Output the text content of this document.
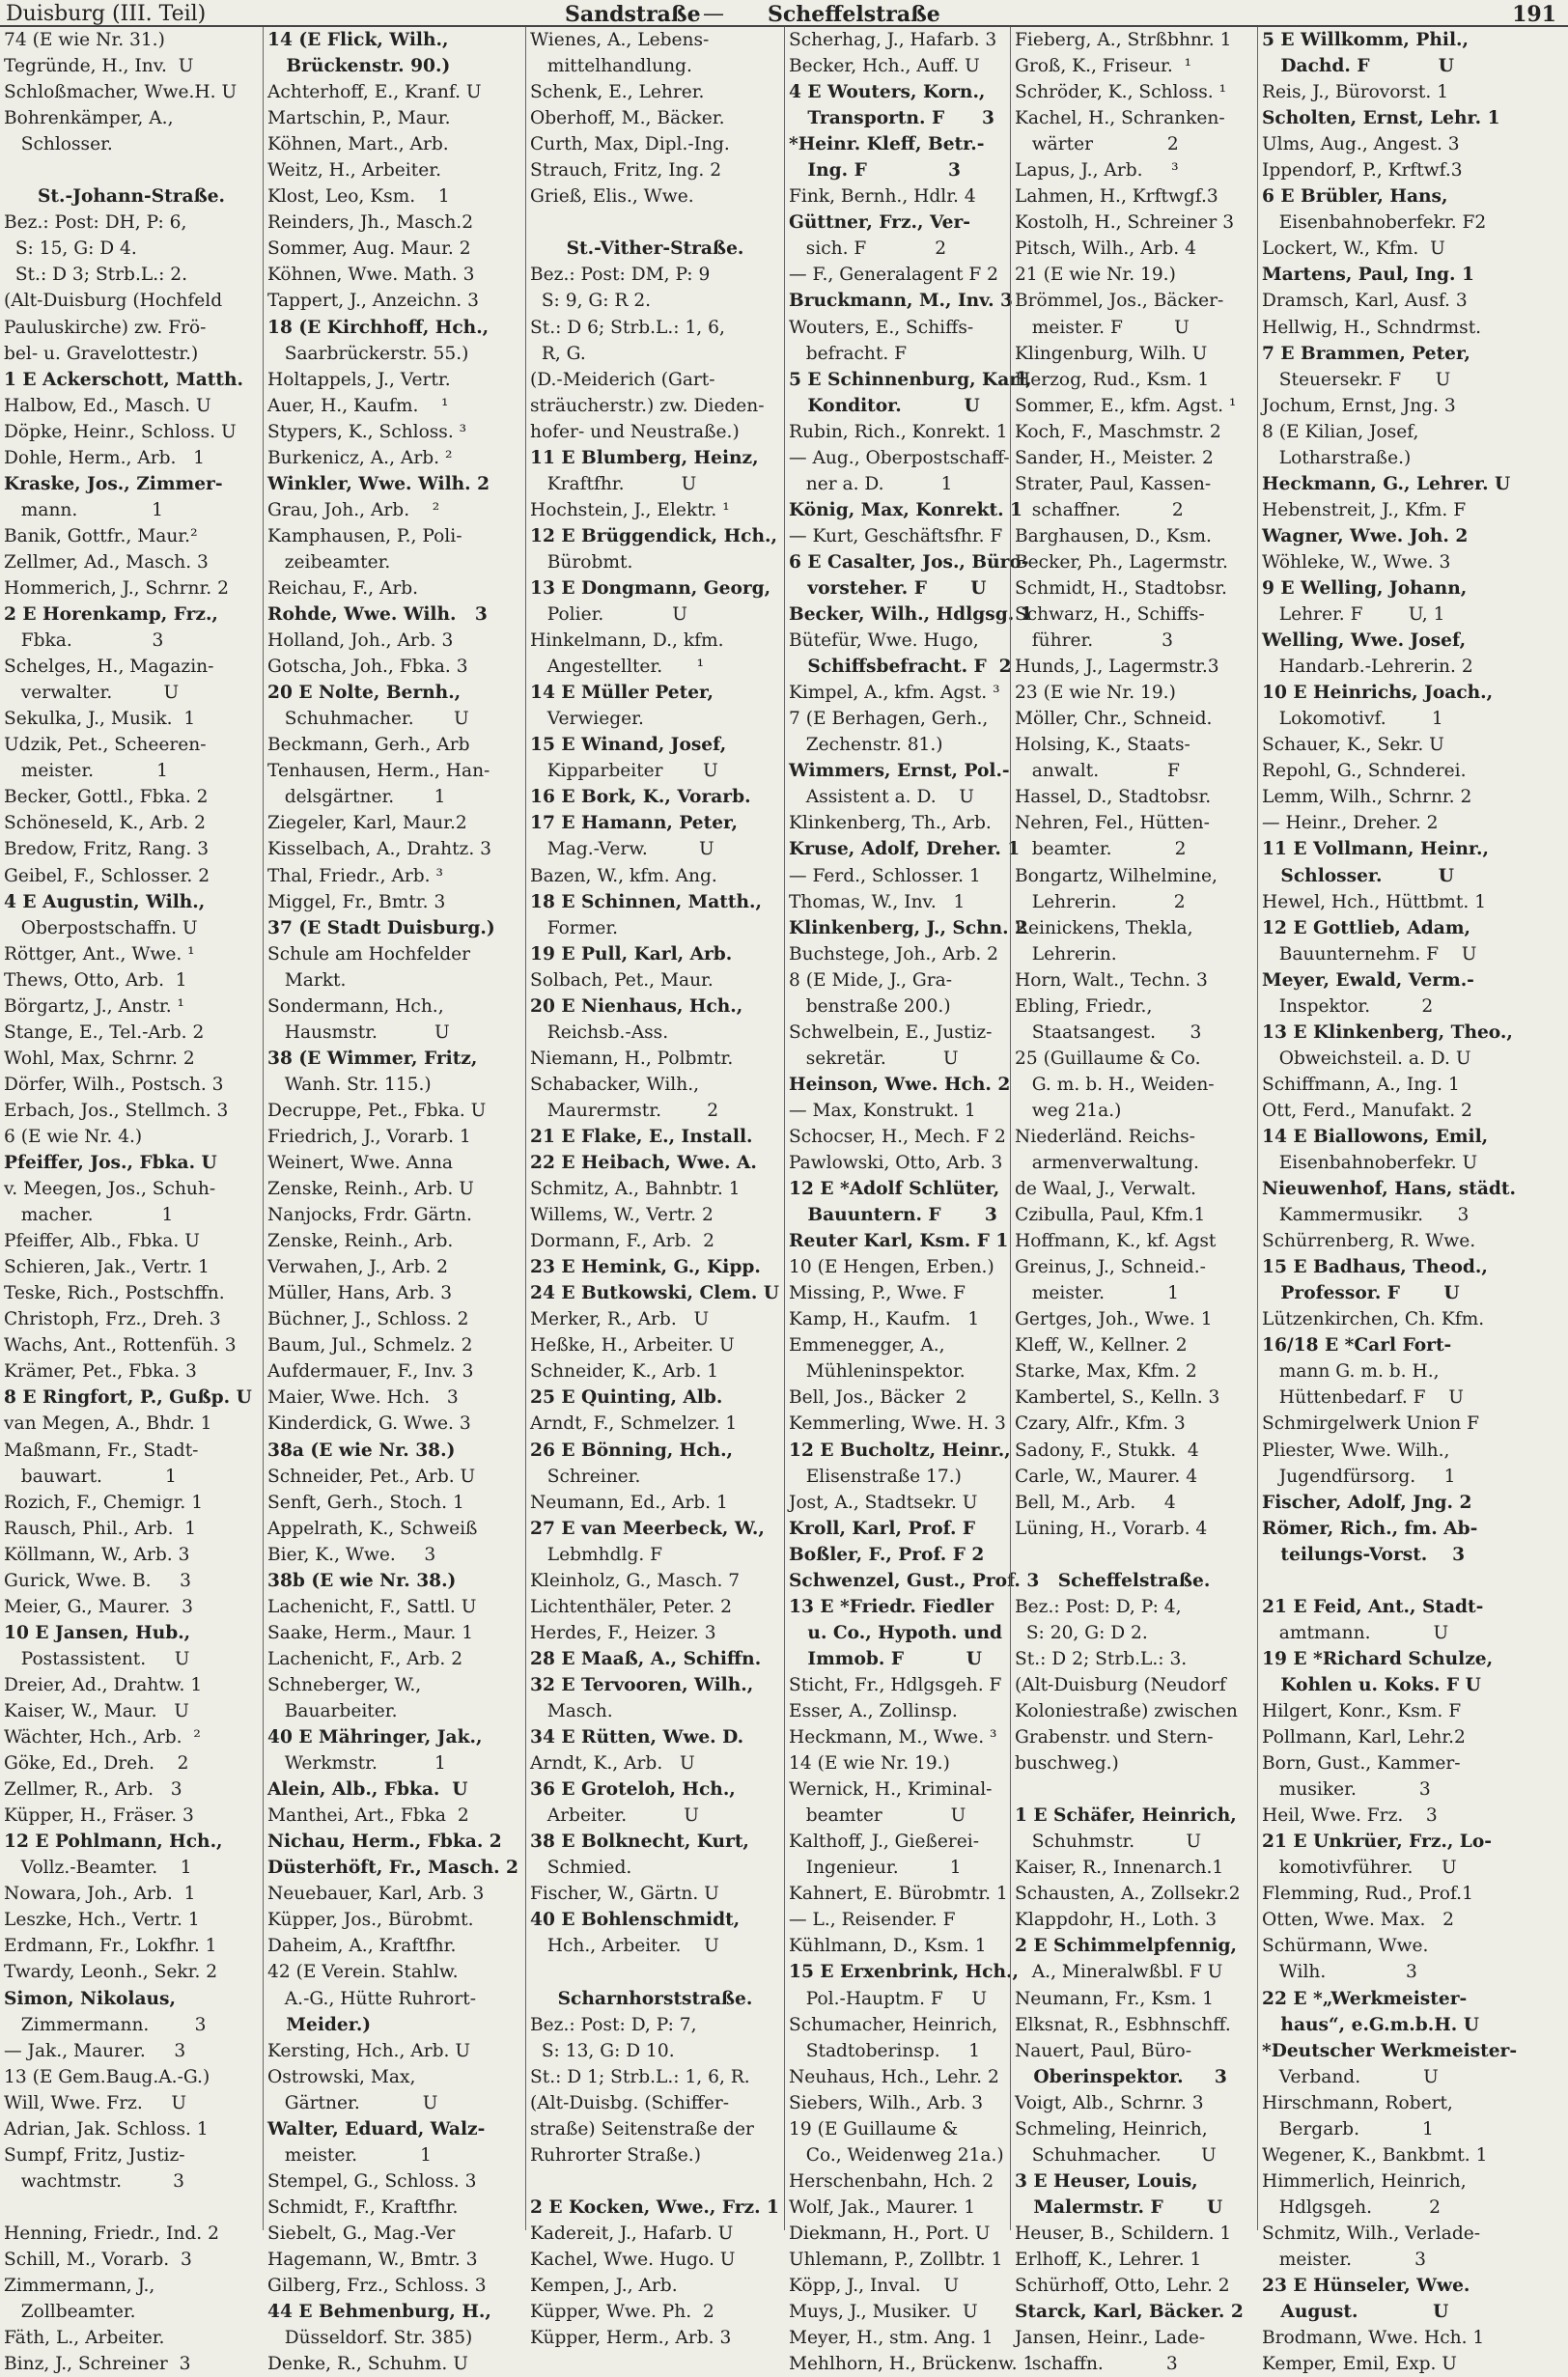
Duisburg (III. Teil)	Sandstraße — Scheffelstraße	191
74 (E wie Nr. 31.)
Tegründe, H., Inv.  U
Schloßmacher, Wwe.H. U
Bohrenkämper, A.,
Schlosser.
St.-Johann-Straße.
Bez.: Post: DH, P: 6,
S: 15, G: D 4.
St.: D 3; Strb.L.: 2.
(Alt-Duisburg (Hochfeld
Pauluskirche) zw. Frö-
bel- u. Gravelottestr.)
1 E Ackerschott, Matth.
Halbow, Ed., Masch. U
Döpke, Heinr., Schloss. U
Dohle, Herm., Arb.   1
Kraske, Jos., Zimmer-
mann.             1
Banik, Gottfr., Maur.²
Zellmer, Ad., Masch. 3
Hommerich, J., Schrnr. 2
2 E Horenkamp, Frz.,
Fbka.              3
Schelges, H., Magazin-
verwalter.         U
Sekulka, J., Musik.  1
Udzik, Pet., Scheeren-
meister.           1
Becker, Gottl., Fbka. 2
Schöneseld, K., Arb. 2
Bredow, Fritz, Rang. 3
Geibel, F., Schlosser. 2
4 E Augustin, Wilh.,
Oberpostschaffn. U
Röttger, Ant., Wwe. ¹
Thews, Otto, Arb.  1
Börgartz, J., Anstr. ¹
Stange, E., Tel.-Arb. 2
Wohl, Max, Schrnr. 2
Dörfer, Wilh., Postsch. 3
Erbach, Jos., Stellmch. 3
6 (E wie Nr. 4.)
Pfeiffer, Jos., Fbka. U
v. Meegen, Jos., Schuh-
macher.            1
Pfeiffer, Alb., Fbka. U
Schieren, Jak., Vertr. 1
Teske, Rich., Postschffn.
Christoph, Frz., Dreh. 3
Wachs, Ant., Rottenfüh. 3
Krämer, Pet., Fbka. 3
8 E Ringfort, P., Gußp. U
van Megen, A., Bhdr. 1
Maßmann, Fr., Stadt-
bauwart.           1
Rozich, F., Chemigr. 1
Rausch, Phil., Arb.  1
Köllmann, W., Arb. 3
Gurick, Wwe. B.     3
Meier, G., Maurer.  3
10 E Jansen, Hub.,
Postassistent.     U
Dreier, Ad., Drahtw. 1
Kaiser, W., Maur.   U
Wächter, Hch., Arb.  ²
Göke, Ed., Dreh.    2
Zellmer, R., Arb.   3
Küpper, H., Fräser. 3
12 E Pohlmann, Hch.,
Vollz.-Beamter.    1
Nowara, Joh., Arb.  1
Leszke, Hch., Vertr. 1
Erdmann, Fr., Lokfhr. 1
Twardy, Leonh., Sekr. 2
Simon, Nikolaus,
Zimmermann.        3
— Jak., Maurer.     3
13 (E Gem.Baug.A.-G.)
Will, Wwe. Frz.     U
Adrian, Jak. Schloss. 1
Sumpf, Fritz, Justiz-
wachtmstr.         3
Henning, Friedr., Ind. 2
Schill, M., Vorarb.  3
Zimmermann, J.,
Zollbeamter.
Fäth, L., Arbeiter.
Binz, J., Schreiner  3
14 (E Flick, Wilh.,
Brückenstr. 90.)
Achterhoff, E., Kranf. U
Martschin, P., Maur.
Köhnen, Mart., Arb.
Weitz, H., Arbeiter.
Klost, Leo, Ksm.    1
Reinders, Jh., Masch.2
Sommer, Aug. Maur. 2
Köhnen, Wwe. Math. 3
Tappert, J., Anzeichn. 3
18 (E Kirchhoff, Hch.,
Saarbrückerstr. 55.)
Holtappels, J., Vertr.
Auer, H., Kaufm.    ¹
Stypers, K., Schloss. ³
Burkenicz, A., Arb. ²
Winkler, Wwe. Wilh. 2
Grau, Joh., Arb.    ²
Kamphausen, P., Poli-
zeibeamter.
Reichau, F., Arb.
Rohde, Wwe. Wilh.   3
Holland, Joh., Arb. 3
Gotscha, Joh., Fbka. 3
20 E Nolte, Bernh.,
Schuhmacher.       U
Beckmann, Gerh., Arb
Tenhausen, Herm., Han-
delsgärtner.       1
Ziegeler, Karl, Maur.2
Kisselbach, A., Drahtz. 3
Thal, Friedr., Arb. ³
Miggel, Fr., Bmtr. 3
37 (E Stadt Duisburg.)
Schule am Hochfelder
Markt.
Sondermann, Hch.,
Hausmstr.          U
38 (E Wimmer, Fritz,
Wanh. Str. 115.)
Decruppe, Pet., Fbka. U
Friedrich, J., Vorarb. 1
Weinert, Wwe. Anna
Zenske, Reinh., Arb. U
Nanjocks, Frdr. Gärtn.
Zenske, Reinh., Arb.
Verwahen, J., Arb. 2
Müller, Hans, Arb. 3
Büchner, J., Schloss. 2
Baum, Jul., Schmelz. 2
Aufdermauer, F., Inv. 3
Maier, Wwe. Hch.   3
Kinderdick, G. Wwe. 3
38a (E wie Nr. 38.)
Schneider, Pet., Arb. U
Senft, Gerh., Stoch. 1
Appelrath, K., Schweiß
Bier, K., Wwe.     3
38b (E wie Nr. 38.)
Lachenicht, F., Sattl. U
Saake, Herm., Maur. 1
Lachenicht, F., Arb. 2
Schneberger, W.,
Bauarbeiter.
40 E Mähringer, Jak.,
Werkmstr.          1
Alein, Alb., Fbka.  U
Manthei, Art., Fbka  2
Nichau, Herm., Fbka. 2
Düsterhöft, Fr., Masch. 2
Neuebauer, Karl, Arb. 3
Küpper, Jos., Bürobmt.
Daheim, A., Kraftfhr.
42 (E Verein. Stahlw.
A.-G., Hütte Ruhrort-
Meider.)
Kersting, Hch., Arb. U
Ostrowski, Max,
Gärtner.           U
Walter, Eduard, Walz-
meister.           1
Stempel, G., Schloss. 3
Schmidt, F., Kraftfhr.
Siebelt, G., Mag.-Ver
Hagemann, W., Bmtr. 3
Gilberg, Frz., Schloss. 3
44 E Behmenburg, H.,
Düsseldorf. Str. 385)
Denke, R., Schuhm. U
Wienes, A., Lebens-
mittelhandlung.
Schenk, E., Lehrer.
Oberhoff, M., Bäcker.
Curth, Max, Dipl.-Ing.
Strauch, Fritz, Ing. 2
Grieß, Elis., Wwe.
St.-Vither-Straße.
Bez.: Post: DM, P: 9
S: 9, G: R 2.
St.: D 6; Strb.L.: 1, 6,
R, G.
(D.-Meiderich (Gart-
sträucherstr.) zw. Dieden-
hofer- und Neustraße.)
11 E Blumberg, Heinz,
Kraftfhr.          U
Hochstein, J., Elektr. ¹
12 E Brüggendick, Hch.,
Bürobmt.
13 E Dongmann, Georg,
Polier.            U
Hinkelmann, D., kfm.
Angestellter.      ¹
14 E Müller Peter,
Verwieger.
15 E Winand, Josef,
Kipparbeiter       U
16 E Bork, K., Vorarb.
17 E Hamann, Peter,
Mag.-Verw.         U
Bazen, W., kfm. Ang.
18 E Schinnen, Matth.,
Former.
19 E Pull, Karl, Arb.
Solbach, Pet., Maur.
20 E Nienhaus, Hch.,
Reichsb.-Ass.
Niemann, H., Polbmtr.
Schabacker, Wilh.,
Maurermstr.        2
21 E Flake, E., Install.
22 E Heibach, Wwe. A.
Schmitz, A., Bahnbtr. 1
Willems, W., Vertr. 2
Dormann, F., Arb.  2
23 E Hemink, G., Kipp.
24 E Butkowski, Clem. U
Merker, R., Arb.   U
Heßke, H., Arbeiter. U
Schneider, K., Arb. 1
25 E Quinting, Alb.
Arndt, F., Schmelzer. 1
26 E Bönning, Hch.,
Schreiner.
Neumann, Ed., Arb. 1
27 E van Meerbeck, W.,
Lebmhdlg. F
Kleinholz, G., Masch. 7
Lichtenthäler, Peter. 2
Herdes, F., Heizer. 3
28 E Maaß, A., Schiffn.
32 E Tervooren, Wilh.,
Masch.
34 E Rütten, Wwe. D.
Arndt, K., Arb.   U
36 E Groteloh, Hch.,
Arbeiter.          U
38 E Bolknecht, Kurt,
Schmied.
Fischer, W., Gärtn. U
40 E Bohlenschmidt,
Hch., Arbeiter.    U
Scharnhorststraße.
Bez.: Post: D, P: 7,
S: 13, G: D 10.
St.: D 1; Strb.L.: 1, 6, R.
(Alt-Duisbg. (Schiffer-
straße) Seitenstraße der
Ruhrorter Straße.)
2 E Kocken, Wwe., Frz. 1
Kadereit, J., Hafarb. U
Kachel, Wwe. Hugo. U
Kempen, J., Arb.
Küpper, Wwe. Ph.  2
Küpper, Herm., Arb. 3
Scherhag, J., Hafarb. 3
Becker, Hch., Auff. U
4 E Wouters, Korn.,
Transportn. F      3
*Heinr. Kleff, Betr.-
Ing. F             3
Fink, Bernh., Hdlr. 4
Güttner, Frz., Ver-
sich. F            2
— F., Generalagent F 2
Bruckmann, M., Inv. 3
Wouters, E., Schiffs-
befracht. F
5 E Schinnenburg, Karl,
Konditor.          U
Rubin, Rich., Konrekt. 1
— Aug., Oberpostschaff-
ner a. D.          1
König, Max, Konrekt. 1
— Kurt, Geschäftsfhr. F
6 E Casalter, Jos., Büro-
vorsteher. F       U
Becker, Wilh., Hdlgsg. 1
Bütefür, Wwe. Hugo,
Schiffsbefracht. F  2
Kimpel, A., kfm. Agst. ³
7 (E Berhagen, Gerh.,
Zechenstr. 81.)
Wimmers, Ernst, Pol.-
Assistent a. D.    U
Klinkenberg, Th., Arb.
Kruse, Adolf, Dreher. 1
— Ferd., Schlosser. 1
Thomas, W., Inv.   1
Klinkenberg, J., Schn. 2
Buchstege, Joh., Arb. 2
8 (E Mide, J., Gra-
benstraße 200.)
Schwelbein, E., Justiz-
sekretär.          U
Heinson, Wwe. Hch. 2
— Max, Konstrukt. 1
Schocser, H., Mech. F 2
Pawlowski, Otto, Arb. 3
12 E *Adolf Schlüter,
Bauuntern. F       3
Reuter Karl, Ksm. F 1
10 (E Hengen, Erben.)
Missing, P., Wwe. F
Kamp, H., Kaufm.   1
Emmenegger, A.,
Mühleninspektor.
Bell, Jos., Bäcker  2
Kemmerling, Wwe. H. 3
12 E Bucholtz, Heinr.,
Elisenstraße 17.)
Jost, A., Stadtsekr. U
Kroll, Karl, Prof. F
Boßler, F., Prof. F 2
Schwenzel, Gust., Prof. 3
13 E *Friedr. Fiedler
u. Co., Hypoth. und
Immob. F          U
Sticht, Fr., Hdlgsgeh. F
Esser, A., Zollinsp.
Heckmann, M., Wwe. ³
14 (E wie Nr. 19.)
Wernick, H., Kriminal-
beamter            U
Kalthoff, J., Gießerei-
Ingenieur.         1
Kahnert, E. Bürobmtr. 1
— L., Reisender. F
Kühlmann, D., Ksm. 1
15 E Erxenbrink, Hch.,
Pol.-Hauptm. F     U
Schumacher, Heinrich,
Stadtoberinsp.     1
Neuhaus, Hch., Lehr. 2
Siebers, Wilh., Arb. 3
19 (E Guillaume &
Co., Weidenweg 21a.)
Herschenbahn, Hch. 2
Wolf, Jak., Maurer. 1
Diekmann, H., Port. U
Uhlemann, P., Zollbtr. 1
Köpp, J., Inval.    U
Muys, J., Musiker.  U
Meyer, H., stm. Ang. 1
Mehlhorn, H., Brückenw. 1
Fieberg, A., Strßbhnr. 1
Groß, K., Friseur.  ¹
Schröder, K., Schloss. ¹
Kachel, H., Schranken-
wärter             2
Lapus, J., Arb.     ³
Lahmen, H., Krftwgf.3
Kostolh, H., Schreiner 3
Pitsch, Wilh., Arb. 4
21 (E wie Nr. 19.)
Brömmel, Jos., Bäcker-
meister. F         U
Klingenburg, Wilh. U
Herzog, Rud., Ksm. 1
Sommer, E., kfm. Agst. ¹
Koch, F., Maschmstr. 2
Sander, H., Meister. 2
Strater, Paul, Kassen-
schaffner.         2
Barghausen, D., Ksm.
Becker, Ph., Lagermstr.
Schmidt, H., Stadtobsr.
Schwarz, H., Schiffs-
führer.            3
Hunds, J., Lagermstr.3
23 (E wie Nr. 19.)
Möller, Chr., Schneid.
Holsing, K., Staats-
anwalt.            F
Hassel, D., Stadtobsr.
Nehren, Fel., Hütten-
beamter.           2
Bongartz, Wilhelmine,
Lehrerin.          2
Reinickens, Thekla,
Lehrerin.
Horn, Walt., Techn. 3
Ebling, Friedr.,
Staatsangest.      3
25 (Guillaume & Co.
G. m. b. H., Weiden-
weg 21a.)
Niederländ. Reichs-
armenverwaltung.
de Waal, J., Verwalt.
Czibulla, Paul, Kfm.1
Hoffmann, K., kf. Agst
Greinus, J., Schneid.-
meister.           1
Gertges, Joh., Wwe. 1
Kleff, W., Kellner. 2
Starke, Max, Kfm. 2
Kambertel, S., Kelln. 3
Czary, Alfr., Kfm. 3
Sadony, F., Stukk.  4
Carle, W., Maurer. 4
Bell, M., Arb.     4
Lüning, H., Vorarb. 4
Scheffelstraße.
Bez.: Post: D, P: 4,
S: 20, G: D 2.
St.: D 2; Strb.L.: 3.
(Alt-Duisburg (Neudorf
Koloniestraße) zwischen
Grabenstr. und Stern-
buschweg.)
1 E Schäfer, Heinrich,
Schuhmstr.         U
Kaiser, R., Innenarch.1
Schausten, A., Zollsekr.2
Klappdohr, H., Loth. 3
2 E Schimmelpfennig,
A., Mineralwßbl. F U
Neumann, Fr., Ksm. 1
Elksnat, R., Esbhnschff.
Nauert, Paul, Büro-
Oberinspektor.     3
Voigt, Alb., Schrnr. 3
Schmeling, Heinrich,
Schuhmacher.       U
3 E Heuser, Louis,
Malermstr. F       U
Heuser, B., Schildern. 1
Erlhoff, K., Lehrer. 1
Schürhoff, Otto, Lehr. 2
Starck, Karl, Bäcker. 2
Jansen, Heinr., Lade-
schaffn.           3
5 E Willkomm, Phil.,
Dachd. F           U
Reis, J., Bürovorst. 1
Scholten, Ernst, Lehr. 1
Ulms, Aug., Angest. 3
Ippendorf, P., Krftwf.3
6 E Brübler, Hans,
Eisenbahnoberfekr. F2
Lockert, W., Kfm.  U
Martens, Paul, Ing. 1
Dramsch, Karl, Ausf. 3
Hellwig, H., Schndrmst.
7 E Brammen, Peter,
Steuersekr. F      U
Jochum, Ernst, Jng. 3
8 (E Kilian, Josef,
Lotharstraße.)
Heckmann, G., Lehrer. U
Hebenstreit, J., Kfm. F
Wagner, Wwe. Joh. 2
Wöhleke, W., Wwe. 3
9 E Welling, Johann,
Lehrer. F        U, 1
Welling, Wwe. Josef,
Handarb.-Lehrerin. 2
10 E Heinrichs, Joach.,
Lokomotivf.        1
Schauer, K., Sekr. U
Repohl, G., Schnderei.
Lemm, Wilh., Schrnr. 2
— Heinr., Dreher. 2
11 E Vollmann, Heinr.,
Schlosser.         U
Hewel, Hch., Hüttbmt. 1
12 E Gottlieb, Adam,
Bauunternehm. F    U
Meyer, Ewald, Verm.-
Inspektor.         2
13 E Klinkenberg, Theo.,
Obweichsteil. a. D. U
Schiffmann, A., Ing. 1
Ott, Ferd., Manufakt. 2
14 E Biallowons, Emil,
Eisenbahnoberfekr. U
Nieuwenhof, Hans, städt.
Kammermusikr.      3
Schürrenberg, R. Wwe.
15 E Badhaus, Theod.,
Professor. F       U
Lützenkirchen, Ch. Kfm.
16/18 E *Carl Fort-
mann G. m. b. H.,
Hüttenbedarf. F    U
Schmirgelwerk Union F
Pliester, Wwe. Wilh.,
Jugendfürsorg.     1
Fischer, Adolf, Jng. 2
Römer, Rich., fm. Ab-
teilungs-Vorst.    3
21 E Feid, Ant., Stadt-
amtmann.           U
19 E *Richard Schulze,
Kohlen u. Koks. F U
Hilgert, Konr., Ksm. F
Pollmann, Karl, Lehr.2
Born, Gust., Kammer-
musiker.           3
Heil, Wwe. Frz.    3
21 E Unkrüer, Frz., Lo-
komotivführer.     U
Flemming, Rud., Prof.1
Otten, Wwe. Max.   2
Schürmann, Wwe.
Wilh.              3
22 E *„Werkmeister-
haus“, e.G.m.b.H. U
*Deutscher Werkmeister-
Verband.           U
Hirschmann, Robert,
Bergarb.           1
Wegener, K., Bankbmt. 1
Himmerlich, Heinrich,
Hdlgsgeh.          2
Schmitz, Wilh., Verlade-
meister.           3
23 E Hünseler, Wwe.
August.            U
Brodmann, Wwe. Hch. 1
Kemper, Emil, Exp. U
